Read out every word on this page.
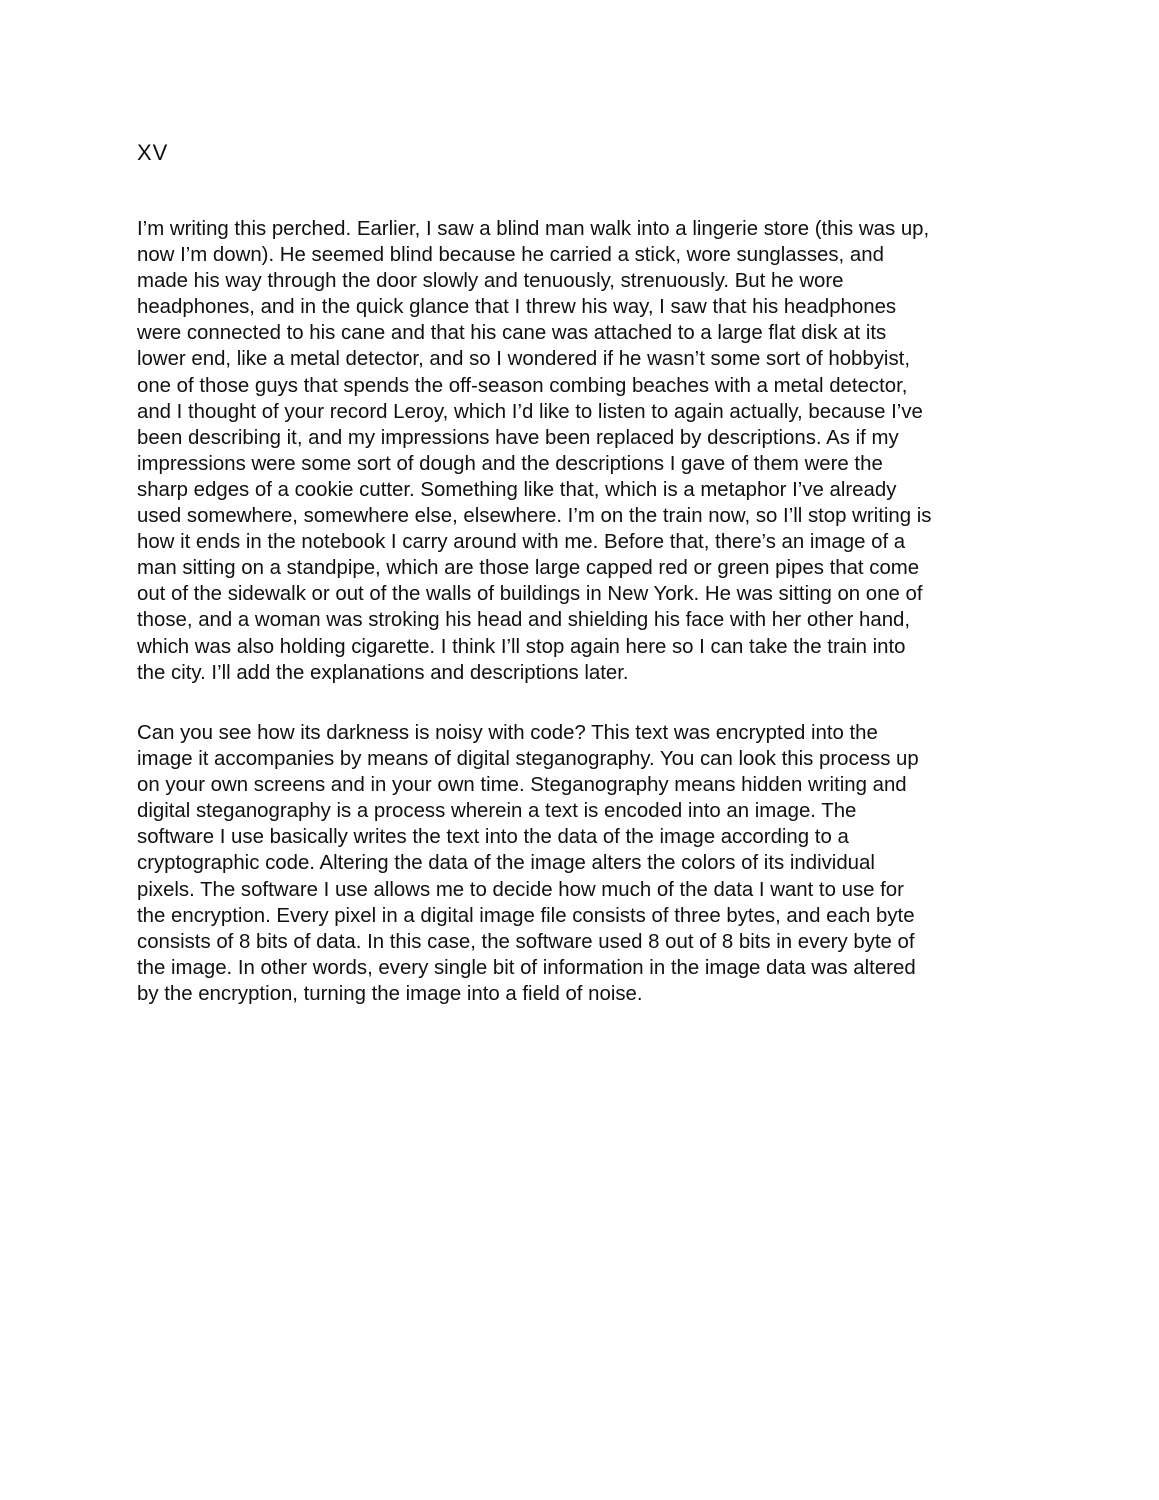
XV
I’m writing this perched. Earlier, I saw a blind man walk into a lingerie store (this was up,
now I’m down). He seemed blind because he carried a stick, wore sunglasses, and
made his way through the door slowly and tenuously, strenuously. But he wore
headphones, and in the quick glance that I threw his way, I saw that his headphones
were connected to his cane and that his cane was attached to a large flat disk at its
lower end, like a metal detector, and so I wondered if he wasn’t some sort of hobbyist,
one of those guys that spends the off-season combing beaches with a metal detector,
and I thought of your record Leroy, which I’d like to listen to again actually, because I’ve
been describing it, and my impressions have been replaced by descriptions. As if my
impressions were some sort of dough and the descriptions I gave of them were the
sharp edges of a cookie cutter. Something like that, which is a metaphor I’ve already
used somewhere, somewhere else, elsewhere. I’m on the train now, so I’ll stop writing is
how it ends in the notebook I carry around with me. Before that, there’s an image of a
man sitting on a standpipe, which are those large capped red or green pipes that come
out of the sidewalk or out of the walls of buildings in New York. He was sitting on one of
those, and a woman was stroking his head and shielding his face with her other hand,
which was also holding cigarette. I think I’ll stop again here so I can take the train into
the city. I’ll add the explanations and descriptions later.
Can you see how its darkness is noisy with code? This text was encrypted into the
image it accompanies by means of digital steganography. You can look this process up
on your own screens and in your own time. Steganography means hidden writing and
digital steganography is a process wherein a text is encoded into an image. The
software I use basically writes the text into the data of the image according to a
cryptographic code. Altering the data of the image alters the colors of its individual
pixels. The software I use allows me to decide how much of the data I want to use for
the encryption. Every pixel in a digital image file consists of three bytes, and each byte
consists of 8 bits of data. In this case, the software used 8 out of 8 bits in every byte of
the image. In other words, every single bit of information in the image data was altered
by the encryption, turning the image into a field of noise.
